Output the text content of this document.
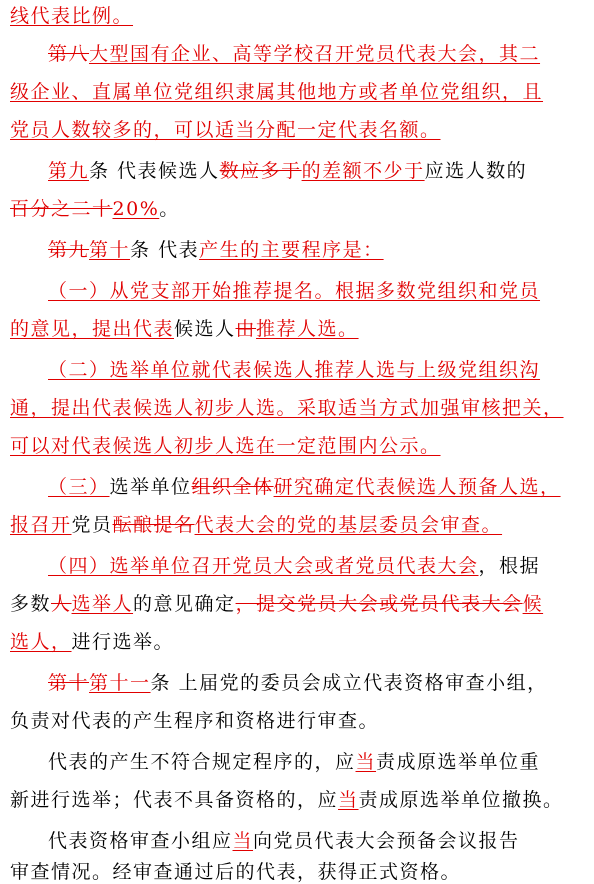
线代表比例。
第八大型国有企业、高等学校召开党员代表大会，其二
级企业、直属单位党组织隶属其他地方或者单位党组织，且
党员人数较多的，可以适当分配一定代表名额。
第九条 代表候选人数应多于的差额不少于应选人数的
百分之二十20%。
第九第十条 代表产生的主要程序是：
（一）从党支部开始推荐提名。根据多数党组织和党员
的意见，提出代表候选人由推荐人选。
（二）选举单位就代表候选人推荐人选与上级党组织沟
通，提出代表候选人初步人选。采取适当方式加强审核把关，
可以对代表候选人初步人选在一定范围内公示。
（三）选举单位组织全体研究确定代表候选人预备人选，
报召开党员酝酿提名代表大会的党的基层委员会审查。
（四）选举单位召开党员大会或者党员代表大会，根据
多数人选举人的意见确定，提交党员大会或党员代表大会候
选人，进行选举。
第十第十一条 上届党的委员会成立代表资格审查小组，
负责对代表的产生程序和资格进行审查。
代表的产生不符合规定程序的，应当责成原选举单位重
新进行选举；代表不具备资格的，应当责成原选举单位撤换。
代表资格审查小组应当向党员代表大会预备会议报告
审查情况。经审查通过后的代表，获得正式资格。
